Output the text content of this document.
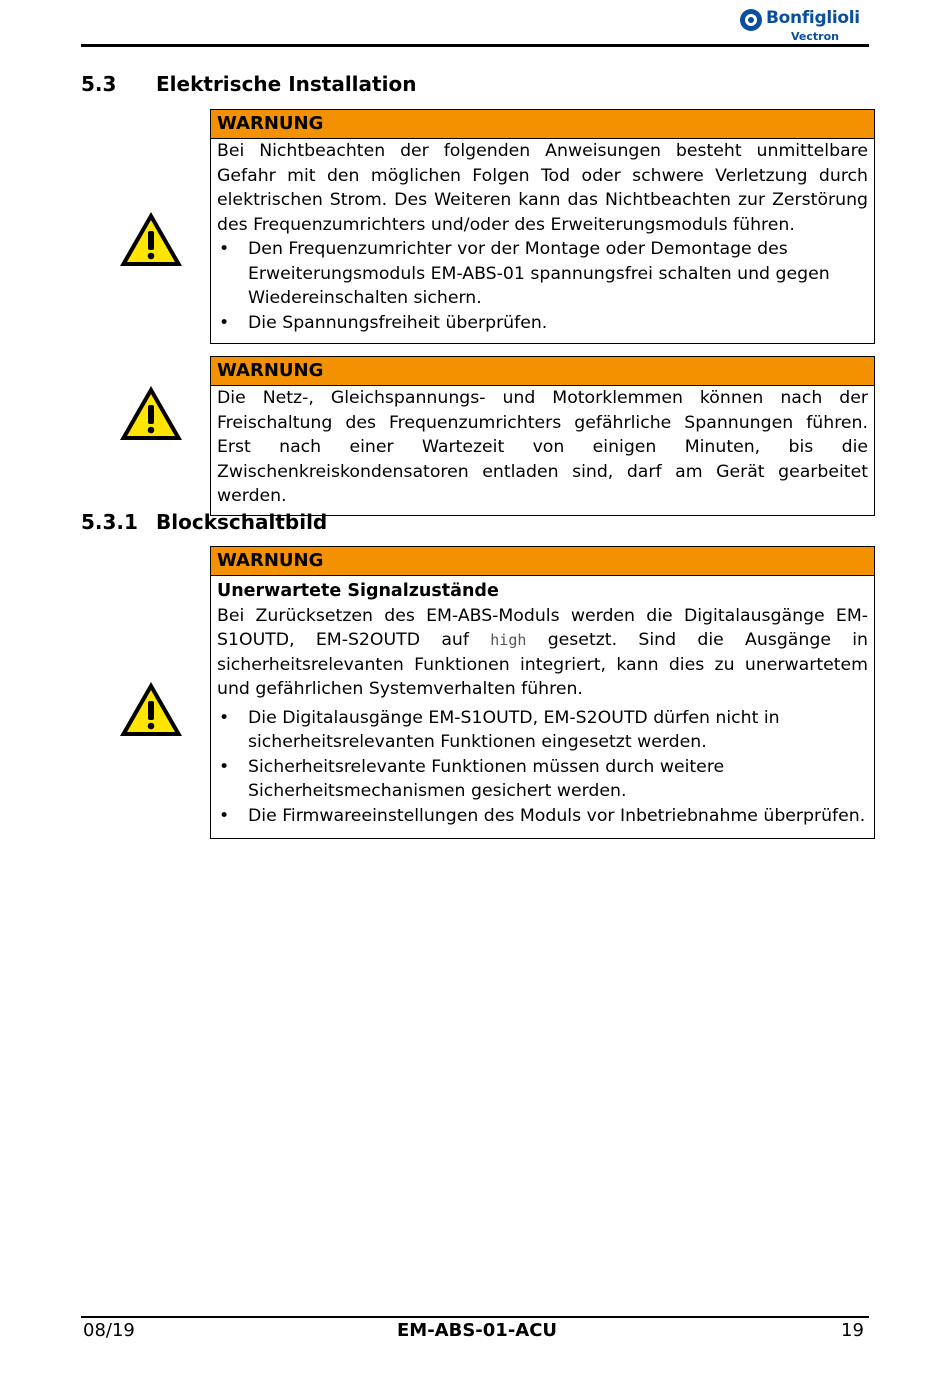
Bonfiglioli
Vectron
5.3 Elektrische Installation
WARNUNG

Bei Nichtbeachten der folgenden Anweisungen besteht unmittelbare Gefahr mit den möglichen Folgen Tod oder schwere Verletzung durch elektrischen Strom. Des Weiteren kann das Nichtbeachten zur Zerstörung des Frequenzumrichters und/oder des Erweiterungsmoduls führen.

• Den Frequenzumrichter vor der Montage oder Demontage des Erweiterungsmoduls EM-ABS-01 spannungsfrei schalten und gegen Wiedereinschalten sichern.
• Die Spannungsfreiheit überprüfen.
WARNUNG

Die Netz-, Gleichspannungs- und Motorklemmen können nach der Freischaltung des Frequenzumrichters gefährliche Spannungen führen. Erst nach einer Wartezeit von einigen Minuten, bis die Zwischenkreiskondensatoren entladen sind, darf am Gerät gearbeitet werden.

5.3.1 Blockschaltbild
WARNUNG

Unerwartete Signalzustände

Bei Zurücksetzen des EM-ABS-Moduls werden die Digitalausgänge EM-S1OUTD, EM-S2OUTD auf high gesetzt. Sind die Ausgänge in sicherheitsrelevanten Funktionen integriert, kann dies zu unerwartetem und gefährlichen Systemverhalten führen.

• Die Digitalausgänge EM-S1OUTD, EM-S2OUTD dürfen nicht in sicherheitsrelevanten Funktionen eingesetzt werden.
• Sicherheitsrelevante Funktionen müssen durch weitere Sicherheitsmechanismen gesichert werden.
• Die Firmwareeinstellungen des Moduls vor Inbetriebnahme überprüfen.
08/19	EM-ABS-01-ACU	19
